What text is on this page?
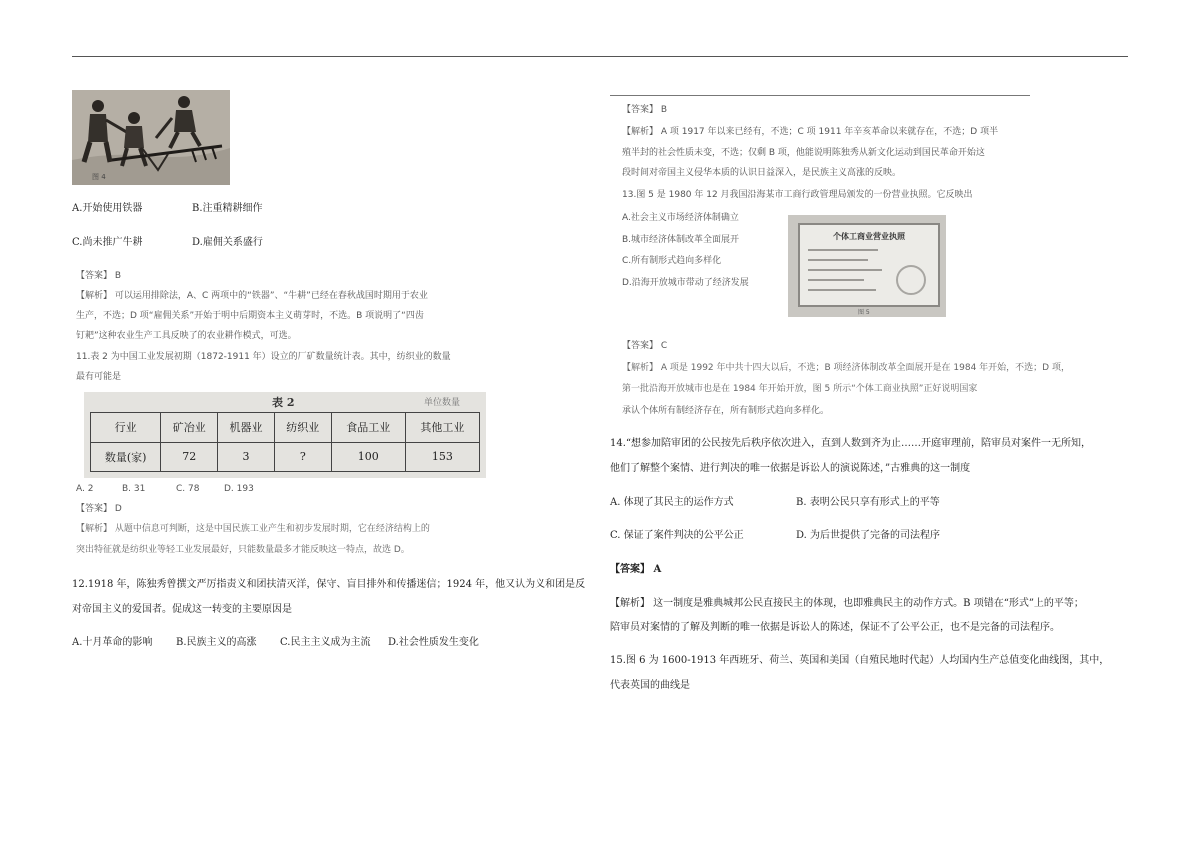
图 4
A.开始使用铁器	B.注重精耕细作
C.尚未推广牛耕	D.雇佣关系盛行
【答案】 B
【解析】 可以运用排除法，A、C 两项中的“铁器”、“牛耕”已经在春秋战国时期用于农业
生产，不选；D 项“雇佣关系”开始于明中后期资本主义萌芽时，不选。B 项说明了“四齿
钉耙”这种农业生产工具反映了的农业耕作模式，可选。
11.表 2 为中国工业发展初期（1872-1911 年）设立的厂矿数量统计表。其中，纺织业的数量
最有可能是
表 2	单位数量
行业	矿冶业	机器业	纺织业	食品工业	其他工业
数量(家)	72	3	?	100	153
A. 2	B. 31	C. 78	D. 193
【答案】 D
【解析】 从题中信息可判断，这是中国民族工业产生和初步发展时期，它在经济结构上的
突出特征就是纺织业等轻工业发展最好，只能数量最多才能反映这一特点，故选 D。
12.1918 年，陈独秀曾撰文严厉指责义和团扶清灭洋，保守、盲目排外和传播迷信；1924 年，他又认为义和团是反
对帝国主义的爱国者。促成这一转变的主要原因是
A.十月革命的影响 B.民族主义的高涨 C.民主主义成为主流 D.社会性质发生变化
【答案】 B
【解析】 A 项 1917 年以来已经有，不选；C 项 1911 年辛亥革命以来就存在，不选；D 项半
殖半封的社会性质未变，不选；仅剩 B 项，他能说明陈独秀从新文化运动到国民革命开始这
段时间对帝国主义侵华本质的认识日益深入，是民族主义高涨的反映。
13.图 5 是 1980 年 12 月我国沿海某市工商行政管理局颁发的一份营业执照。它反映出
A.社会主义市场经济体制确立
B.城市经济体制改革全面展开
C.所有制形式趋向多样化
D.沿海开放城市带动了经济发展
个体工商业营业执照
图 5
【答案】 C
【解析】 A 项是 1992 年中共十四大以后，不选；B 项经济体制改革全面展开是在 1984 年开始，不选；D 项，
第一批沿海开放城市也是在 1984 年开始开放，图 5 所示“个体工商业执照”正好说明国家
承认个体所有制经济存在，所有制形式趋向多样化。
14.“想参加陪审团的公民按先后秩序依次进入，直到人数到齐为止……开庭审理前，陪审员对案件一无所知，
他们了解整个案情、进行判决的唯一依据是诉讼人的演说陈述，”古雅典的这一制度
A. 体现了其民主的运作方式	B. 表明公民只享有形式上的平等
C. 保证了案件判决的公平公正	D. 为后世提供了完备的司法程序
【答案】 A
【解析】 这一制度是雅典城邦公民直接民主的体现，也即雅典民主的动作方式。B 项错在“形式”上的平等；
陪审员对案情的了解及判断的唯一依据是诉讼人的陈述，保证不了公平公正，也不是完备的司法程序。
15.图 6 为 1600-1913 年西班牙、荷兰、英国和美国（自殖民地时代起）人均国内生产总值变化曲线图，其中，
代表英国的曲线是
